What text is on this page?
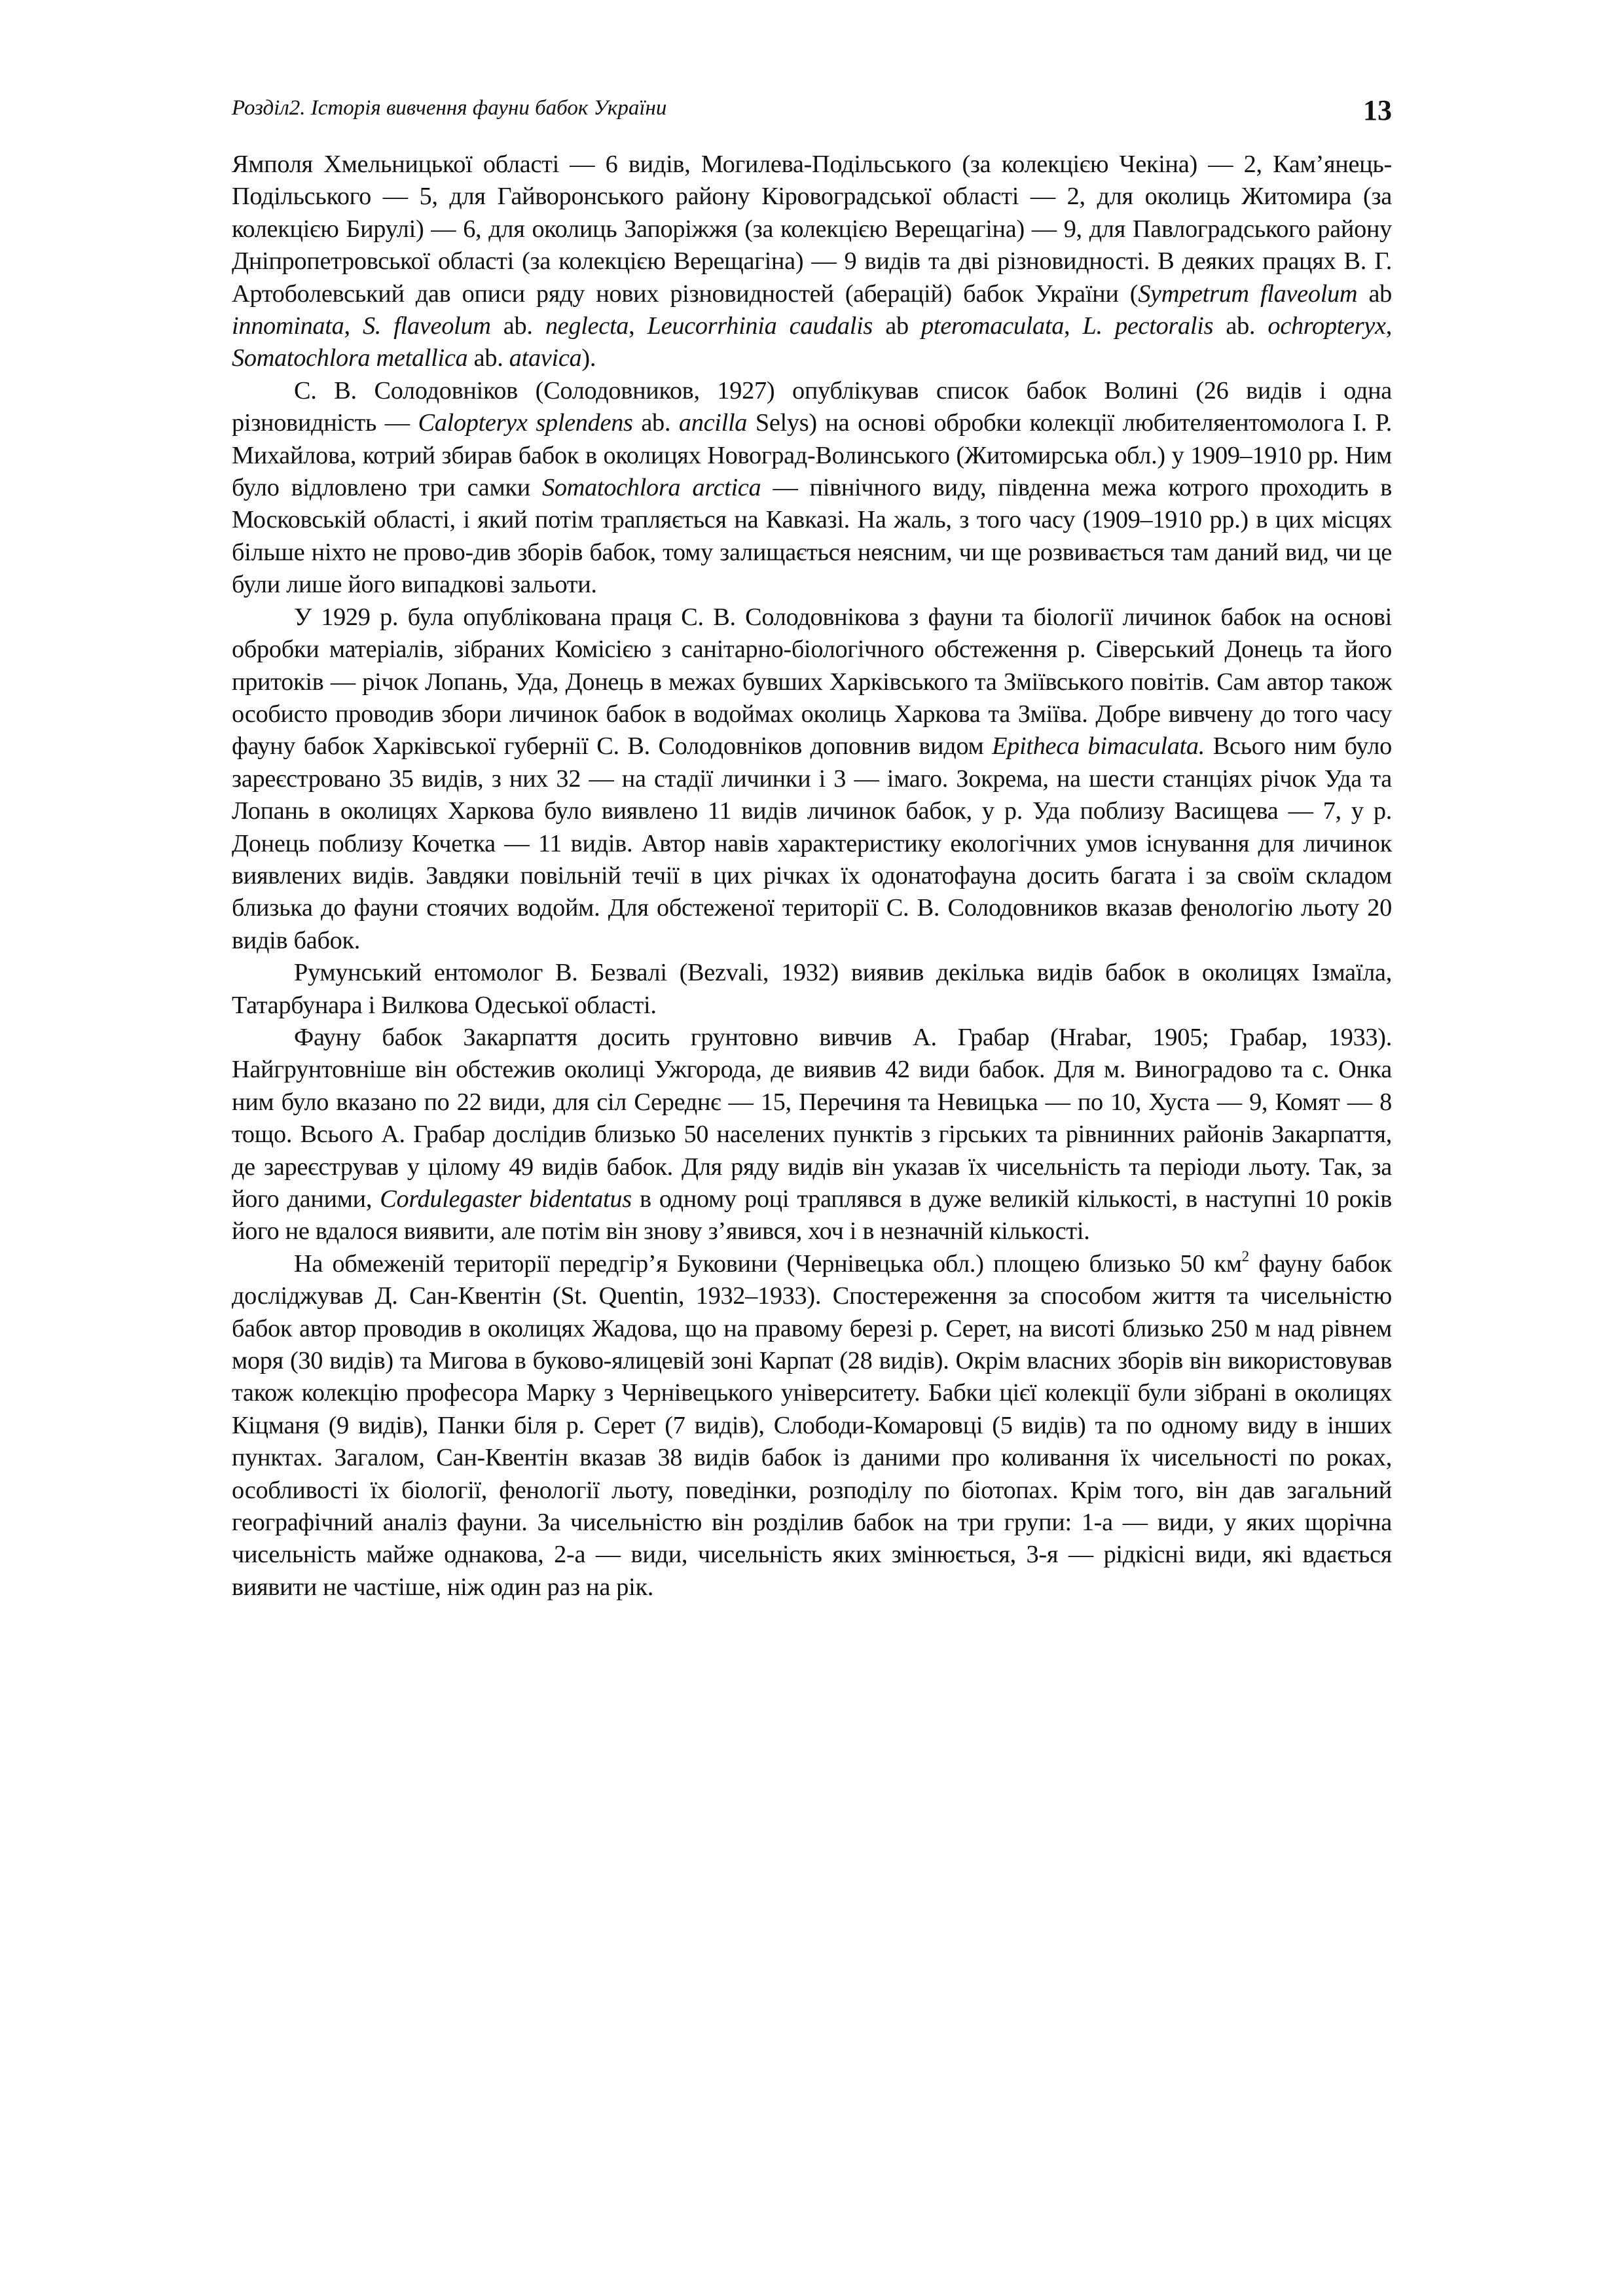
Розділ2. Історія вивчення фауни бабок України	13

Ямполя Хмельницької області — 6 видів, Могилева-Подільського (за колекцією Чекіна) — 2, Кам’янець-Подільського — 5, для Гайворонського району Кіровоградської області — 2, для околиць Житомира (за колекцією Бирулі) — 6, для околиць Запоріжжя (за колекцією Верещагіна) — 9, для Павлоградського району Дніпропетровської області (за колекцією Верещагіна) — 9 видів та дві різновидності. В деяких працях В. Г. Артоболевський дав описи ряду нових різновидностей (аберацій) бабок України (Sympetrum flaveolum ab innominata, S. flaveolum ab. neglecta, Leucorrhinia caudalis ab pteromaculata, L. pectoralis ab. ochropteryx, Somatochlora metallica ab. atavica).

С. В. Солодовніков (Солодовников, 1927) опублікував список бабок Волині (26 видів і одна різновидність — Calopteryx splendens ab. ancilla Selys) на основі обробки колекції любителяентомолога І. Р. Михайлова, котрий збирав бабок в околицях Новоград-Волинського (Житомирська обл.) у 1909–1910 рр. Ним було відловлено три самки Somatochlora arctica — північного виду, південна межа котрого проходить в Московській області, і який потім трапляється на Кавказі. На жаль, з того часу (1909–1910 рр.) в цих місцях більше ніхто не прово-див зборів бабок, тому залищається неясним, чи ще розвивається там даний вид, чи це були лише його випадкові зальоти.

У 1929 р. була опублікована праця С. В. Солодовнікова з фауни та біології личинок бабок на основі обробки матеріалів, зібраних Комісією з санітарно-біологічного обстеження р. Сіверський Донець та його притоків — річок Лопань, Уда, Донець в межах бувших Харківського та Зміївського повітів. Сам автор також особисто проводив збори личинок бабок в водоймах околиць Харкова та Зміїва. Добре вивчену до того часу фауну бабок Харківської губернії С. В. Солодовніков доповнив видом Epitheca bimaculata. Всього ним було зареєстровано 35 видів, з них 32 — на стадії личинки і 3 — імаго. Зокрема, на шести станціях річок Уда та Лопань в околицях Харкова було виявлено 11 видів личинок бабок, у р. Уда поблизу Васищева — 7, у р. Донець поблизу Кочетка — 11 видів. Автор навів характеристику екологічних умов існування для личинок виявлених видів. Завдяки повільній течії в цих річках їх одонатофауна досить багата і за своїм складом близька до фауни стоячих водойм. Для обстеженої території С. В. Солодовников вказав фенологію льоту 20 видів бабок.

Румунський ентомолог В. Безвалі (Bezvali, 1932) виявив декілька видів бабок в околицях Ізмаїла, Татарбунара і Вилкова Одеської області.

Фауну бабок Закарпаття досить грунтовно вивчив А. Грабар (Hrabar, 1905; Грабар, 1933). Найгрунтовніше він обстежив околиці Ужгорода, де виявив 42 види бабок. Для м. Виноградово та с. Онка ним було вказано по 22 види, для сіл Середнє — 15, Перечиня та Невицька — по 10, Хуста — 9, Комят — 8 тощо. Всього А. Грабар дослідив близько 50 населених пунктів з гірських та рівнинних районів Закарпаття, де зареєстрував у цілому 49 видів бабок. Для ряду видів він указав їх чисельність та періоди льоту. Так, за його даними, Cordulegaster bidentatus в одному році траплявся в дуже великій кількості, в наступні 10 років його не вдалося виявити, але потім він знову з’явився, хоч і в незначній кількості.

На обмеженій території передгір’я Буковини (Чернівецька обл.) площею близько 50 $км^2$ фауну бабок досліджував Д. Сан-Квентін (St. Quentin, 1932–1933). Спостереження за способом життя та чисельністю бабок автор проводив в околицях Жадова, що на правому березі р. Серет, на висоті близько 250 м над рівнем моря (30 видів) та Мигова в буково-ялицевій зоні Карпат (28 видів). Окрім власних зборів він використовував також колекцію професора Марку з Чернівецького університету. Бабки цієї колекції були зібрані в околицях Кіцманя (9 видів), Панки біля р. Серет (7 видів), Слободи-Комаровці (5 видів) та по одному виду в інших пунктах. Загалом, Сан-Квентін вказав 38 видів бабок із даними про коливання їх чисельності по роках, особливості їх біології, фенології льоту, поведінки, розподілу по біотопах. Крім того, він дав загальний географічний аналіз фауни. За чисельністю він розділив бабок на три групи: 1-а — види, у яких щорічна чисельність майже однакова, 2-а — види, чисельність яких змінюється, 3-я — рідкісні види, які вдається виявити не частіше, ніж один раз на рік.
